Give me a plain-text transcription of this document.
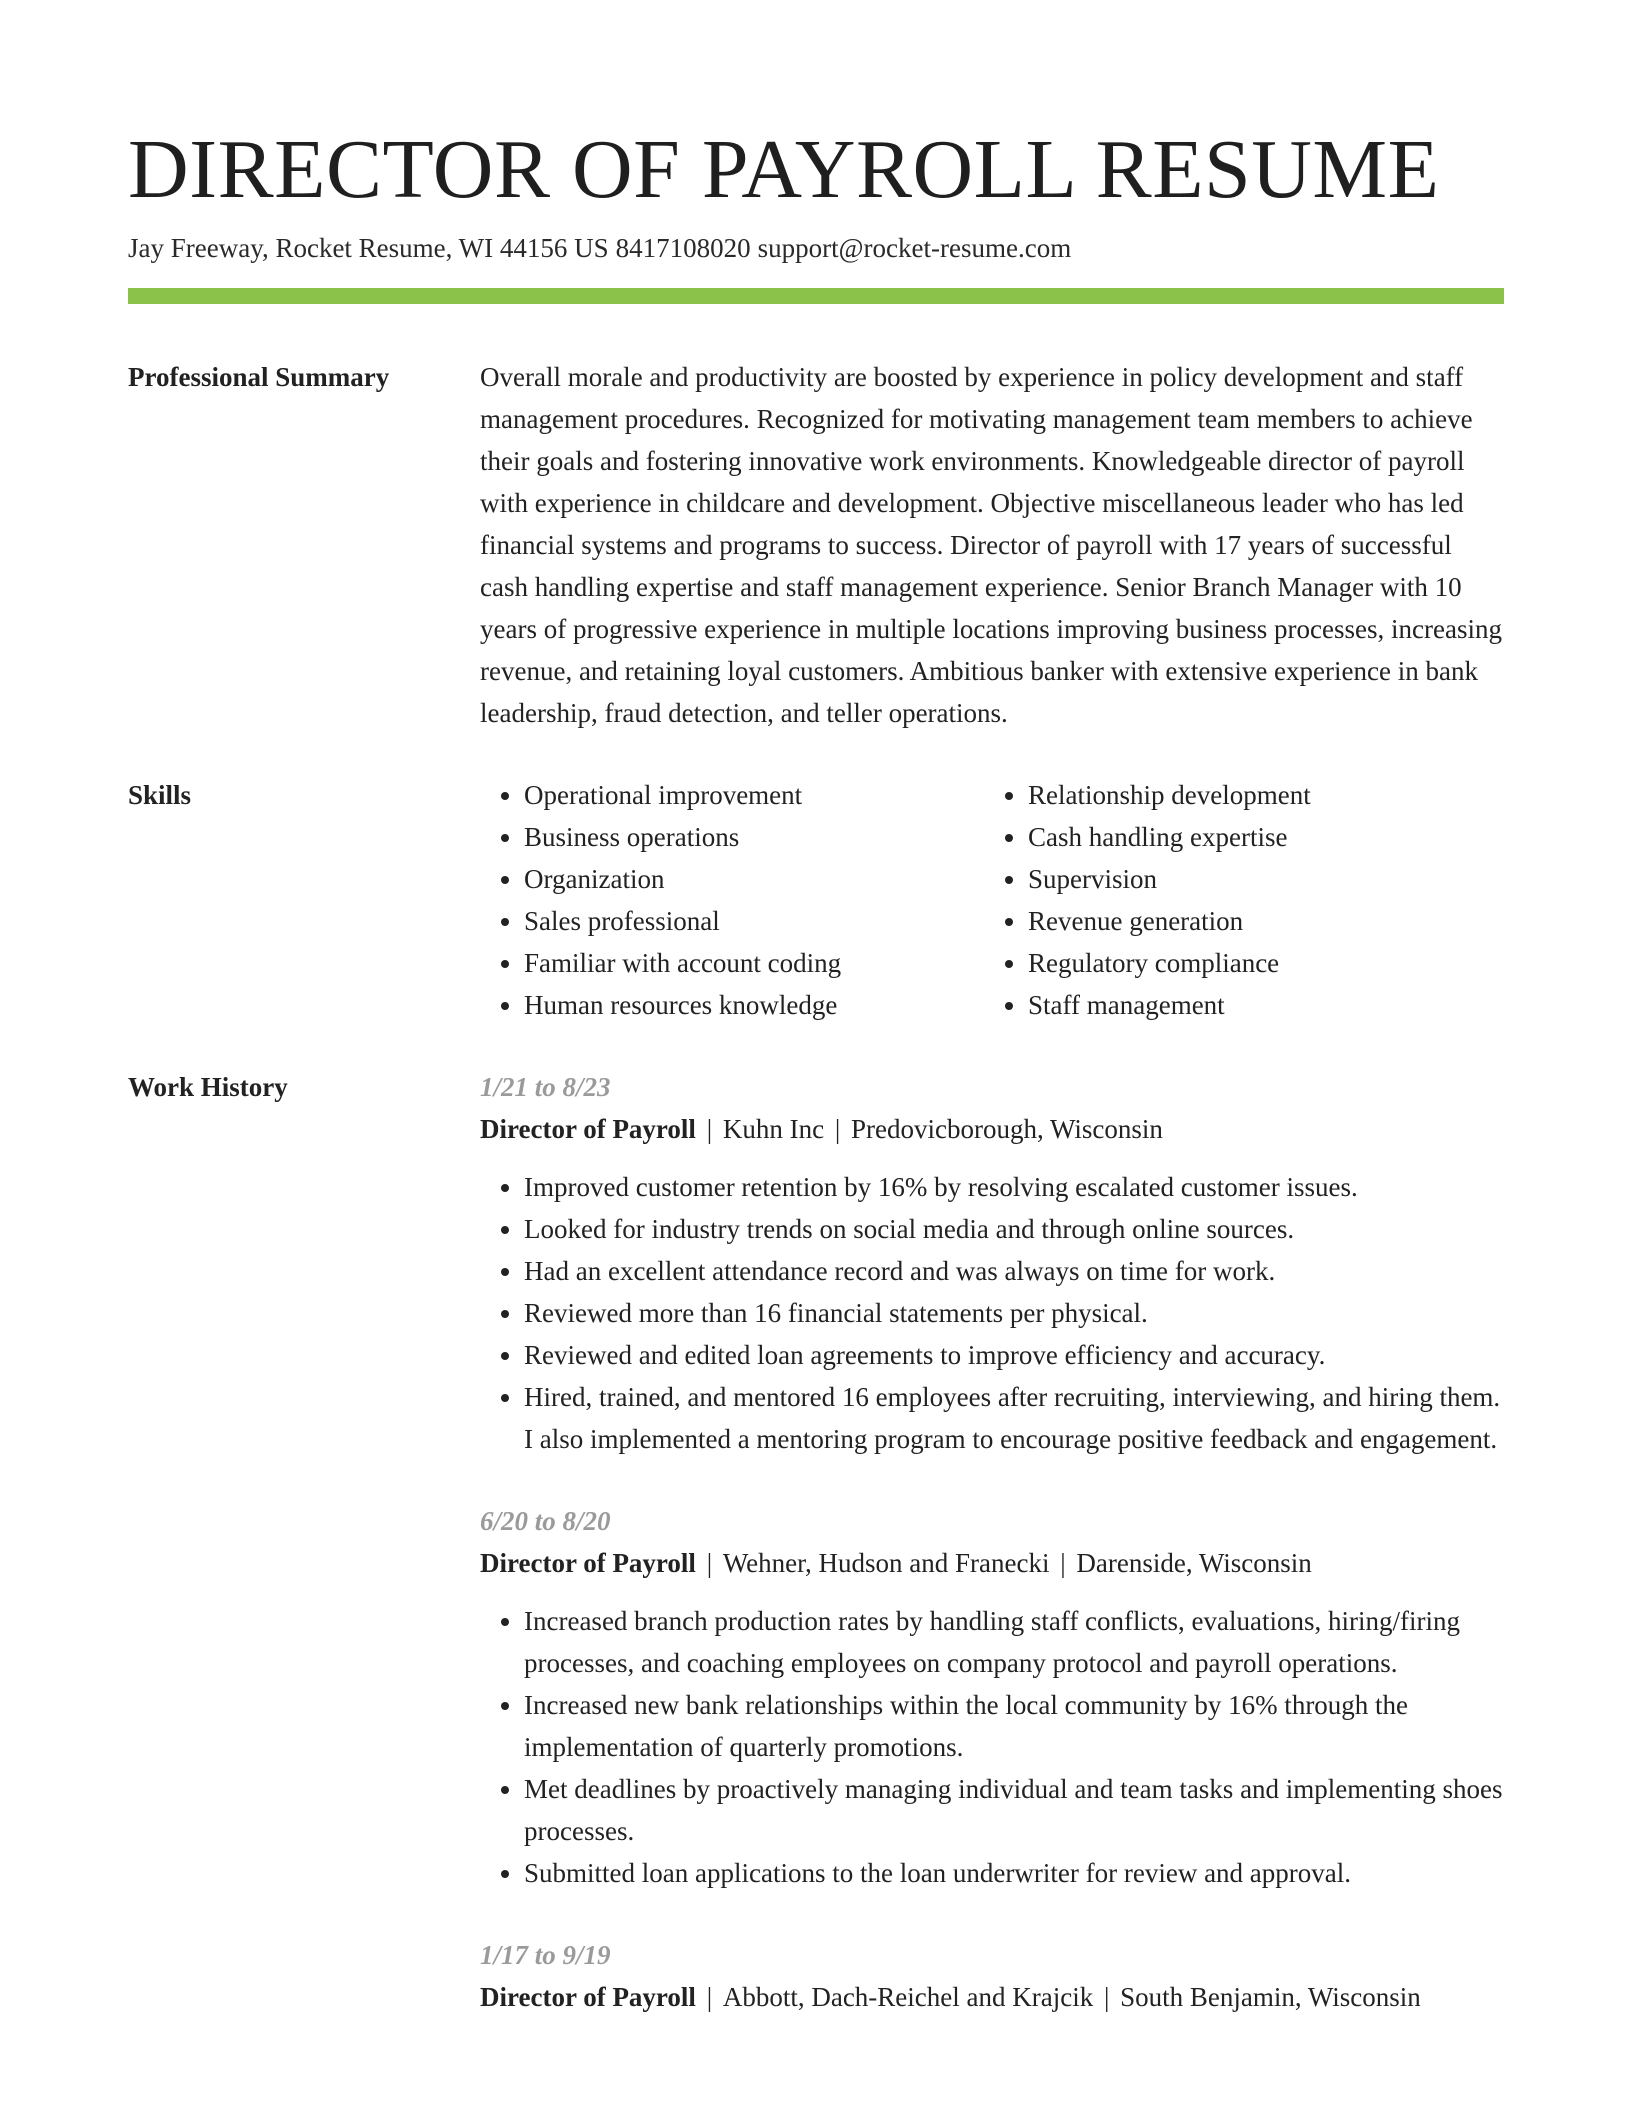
DIRECTOR OF PAYROLL RESUME
Jay Freeway, Rocket Resume, WI 44156 US 8417108020 support@rocket-resume.com
Professional Summary	Overall morale and productivity are boosted by experience in policy development and staff management procedures. Recognized for motivating management team members to achieve their goals and fostering innovative work environments. Knowledgeable director of payroll with experience in childcare and development. Objective miscellaneous leader who has led financial systems and programs to success. Director of payroll with 17 years of successful cash handling expertise and staff management experience. Senior Branch Manager with 10 years of progressive experience in multiple locations improving business processes, increasing revenue, and retaining loyal customers. Ambitious banker with extensive experience in bank leadership, fraud detection, and teller operations.

Skills
•	Operational improvement
• Business operations
• Organization
• Sales professional
• Familiar with account coding
• Human resources knowledge
• Relationship development
• Cash handling expertise
• Supervision
• Revenue generation
• Regulatory compliance
• Staff management
Work History	1/21 to 8/23
Director of Payroll | Kuhn Inc | Predovicborough, Wisconsin
• Improved customer retention by 16% by resolving escalated customer issues.
• Looked for industry trends on social media and through online sources.
• Had an excellent attendance record and was always on time for work.
• Reviewed more than 16 financial statements per physical.
• Reviewed and edited loan agreements to improve efficiency and accuracy.
• Hired, trained, and mentored 16 employees after recruiting, interviewing, and hiring them. I also implemented a mentoring program to encourage positive feedback and engagement.
6/20 to 8/20
Director of Payroll | Wehner, Hudson and Franecki | Darenside, Wisconsin
• Increased branch production rates by handling staff conflicts, evaluations, hiring/firing processes, and coaching employees on company protocol and payroll operations.
• Increased new bank relationships within the local community by 16% through the implementation of quarterly promotions.
• Met deadlines by proactively managing individual and team tasks and implementing shoes processes.
• Submitted loan applications to the loan underwriter for review and approval.
1/17 to 9/19
Director of Payroll | Abbott, Dach-Reichel and Krajcik | South Benjamin, Wisconsin
